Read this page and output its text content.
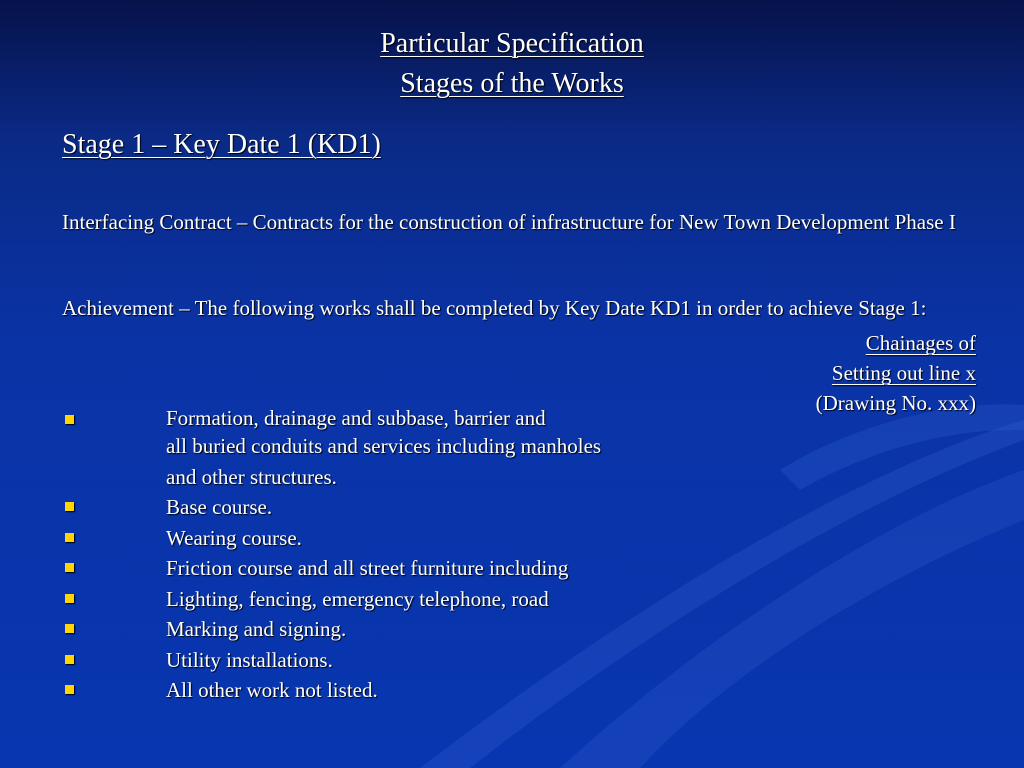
Particular Specification
Stages of the Works
Stage 1 – Key Date 1 (KD1)
Interfacing Contract – Contracts for the construction of infrastructure for New Town Development Phase I
Achievement – The following works shall be completed by Key Date KD1 in order to achieve Stage 1:
Chainages of
Setting out line x
(Drawing No. xxx)
Formation, drainage and subbase, barrier and
all buried conduits and services including manholes
and other structures.
Base course.
Wearing course.
Friction course and all street furniture including
Lighting, fencing, emergency telephone, road
Marking and signing.
Utility installations.
All other work not listed.
